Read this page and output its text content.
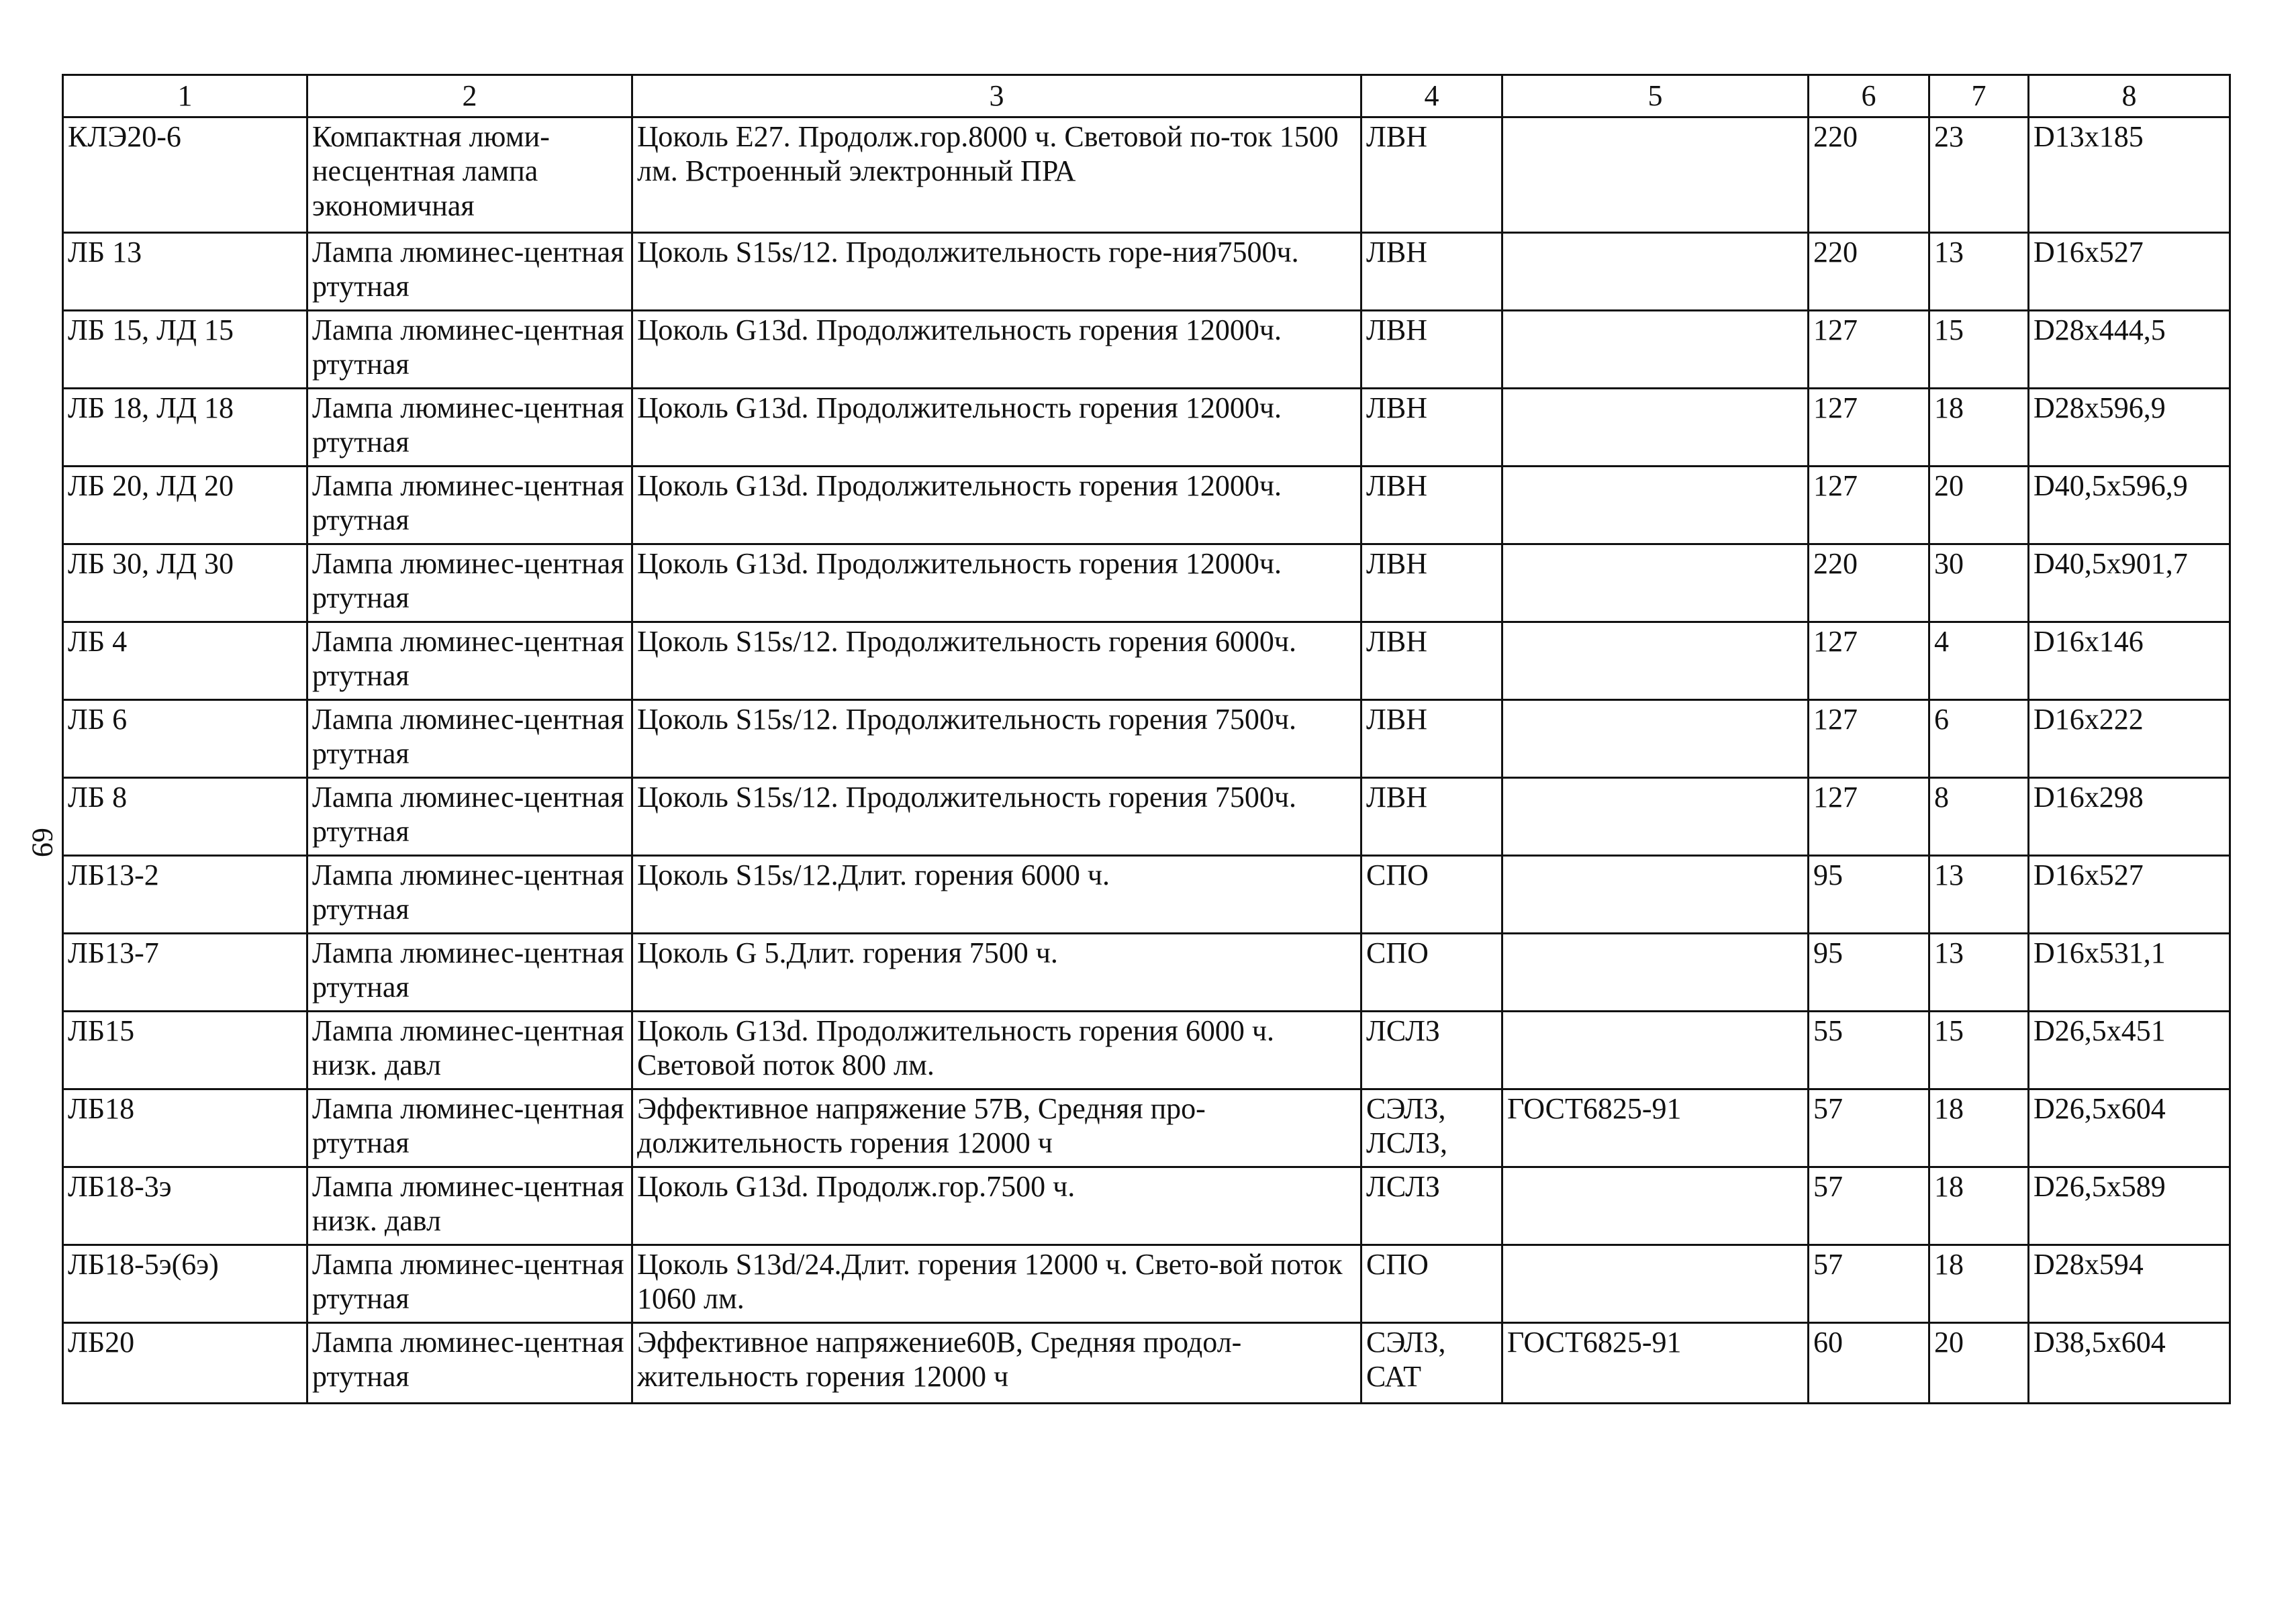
69
1	2	3	4	5	6	7	8
КЛЭ20-6	Компактная люми-несцентная лампа экономичная	Цоколь E27. Продолж.гор.8000 ч. Световой по-ток 1500 лм. Встроенный электронный ПРА	ЛВН		220	23	D13x185
ЛБ 13	Лампа люминес-центная ртутная	Цоколь S15s/12. Продолжительность горе-ния7500ч.	ЛВН		220	13	D16x527
ЛБ 15, ЛД 15	Лампа люминес-центная ртутная	Цоколь G13d. Продолжительность горения 12000ч.	ЛВН		127	15	D28x444,5
ЛБ 18, ЛД 18	Лампа люминес-центная ртутная	Цоколь G13d. Продолжительность горения 12000ч.	ЛВН		127	18	D28x596,9
ЛБ 20, ЛД 20	Лампа люминес-центная ртутная	Цоколь G13d. Продолжительность горения 12000ч.	ЛВН		127	20	D40,5x596,9
ЛБ 30, ЛД 30	Лампа люминес-центная ртутная	Цоколь G13d. Продолжительность горения 12000ч.	ЛВН		220	30	D40,5x901,7
ЛБ 4	Лампа люминес-центная ртутная	Цоколь S15s/12. Продолжительность горения 6000ч.	ЛВН		127	4	D16x146
ЛБ 6	Лампа люминес-центная ртутная	Цоколь S15s/12. Продолжительность горения 7500ч.	ЛВН		127	6	D16x222
ЛБ 8	Лампа люминес-центная ртутная	Цоколь S15s/12. Продолжительность горения 7500ч.	ЛВН		127	8	D16x298
ЛБ13-2	Лампа люминес-центная ртутная	Цоколь S15s/12.Длит. горения 6000 ч.	СПО		95	13	D16x527
ЛБ13-7	Лампа люминес-центная ртутная	Цоколь G 5.Длит. горения 7500 ч.	СПО		95	13	D16x531,1
ЛБ15	Лампа люминес-центная низк. давл	Цоколь G13d. Продолжительность горения 6000 ч. Световой поток 800 лм.	ЛСЛЗ		55	15	D26,5x451
ЛБ18	Лампа люминес-центная ртутная	Эффективное напряжение 57В, Средняя про-должительность горения 12000 ч	СЭЛЗ, ЛСЛЗ,	ГОСТ6825-91	57	18	D26,5x604
ЛБ18-3э	Лампа люминес-центная низк. давл	Цоколь G13d. Продолж.гор.7500 ч.	ЛСЛЗ		57	18	D26,5x589
ЛБ18-5э(6э)	Лампа люминес-центная ртутная	Цоколь S13d/24.Длит. горения 12000 ч. Свето-вой поток 1060 лм.	СПО		57	18	D28x594
ЛБ20	Лампа люминес-центная ртутная	Эффективное напряжение60В, Средняя продол-жительность горения 12000 ч	СЭЛЗ, САТ	ГОСТ6825-91	60	20	D38,5x604
